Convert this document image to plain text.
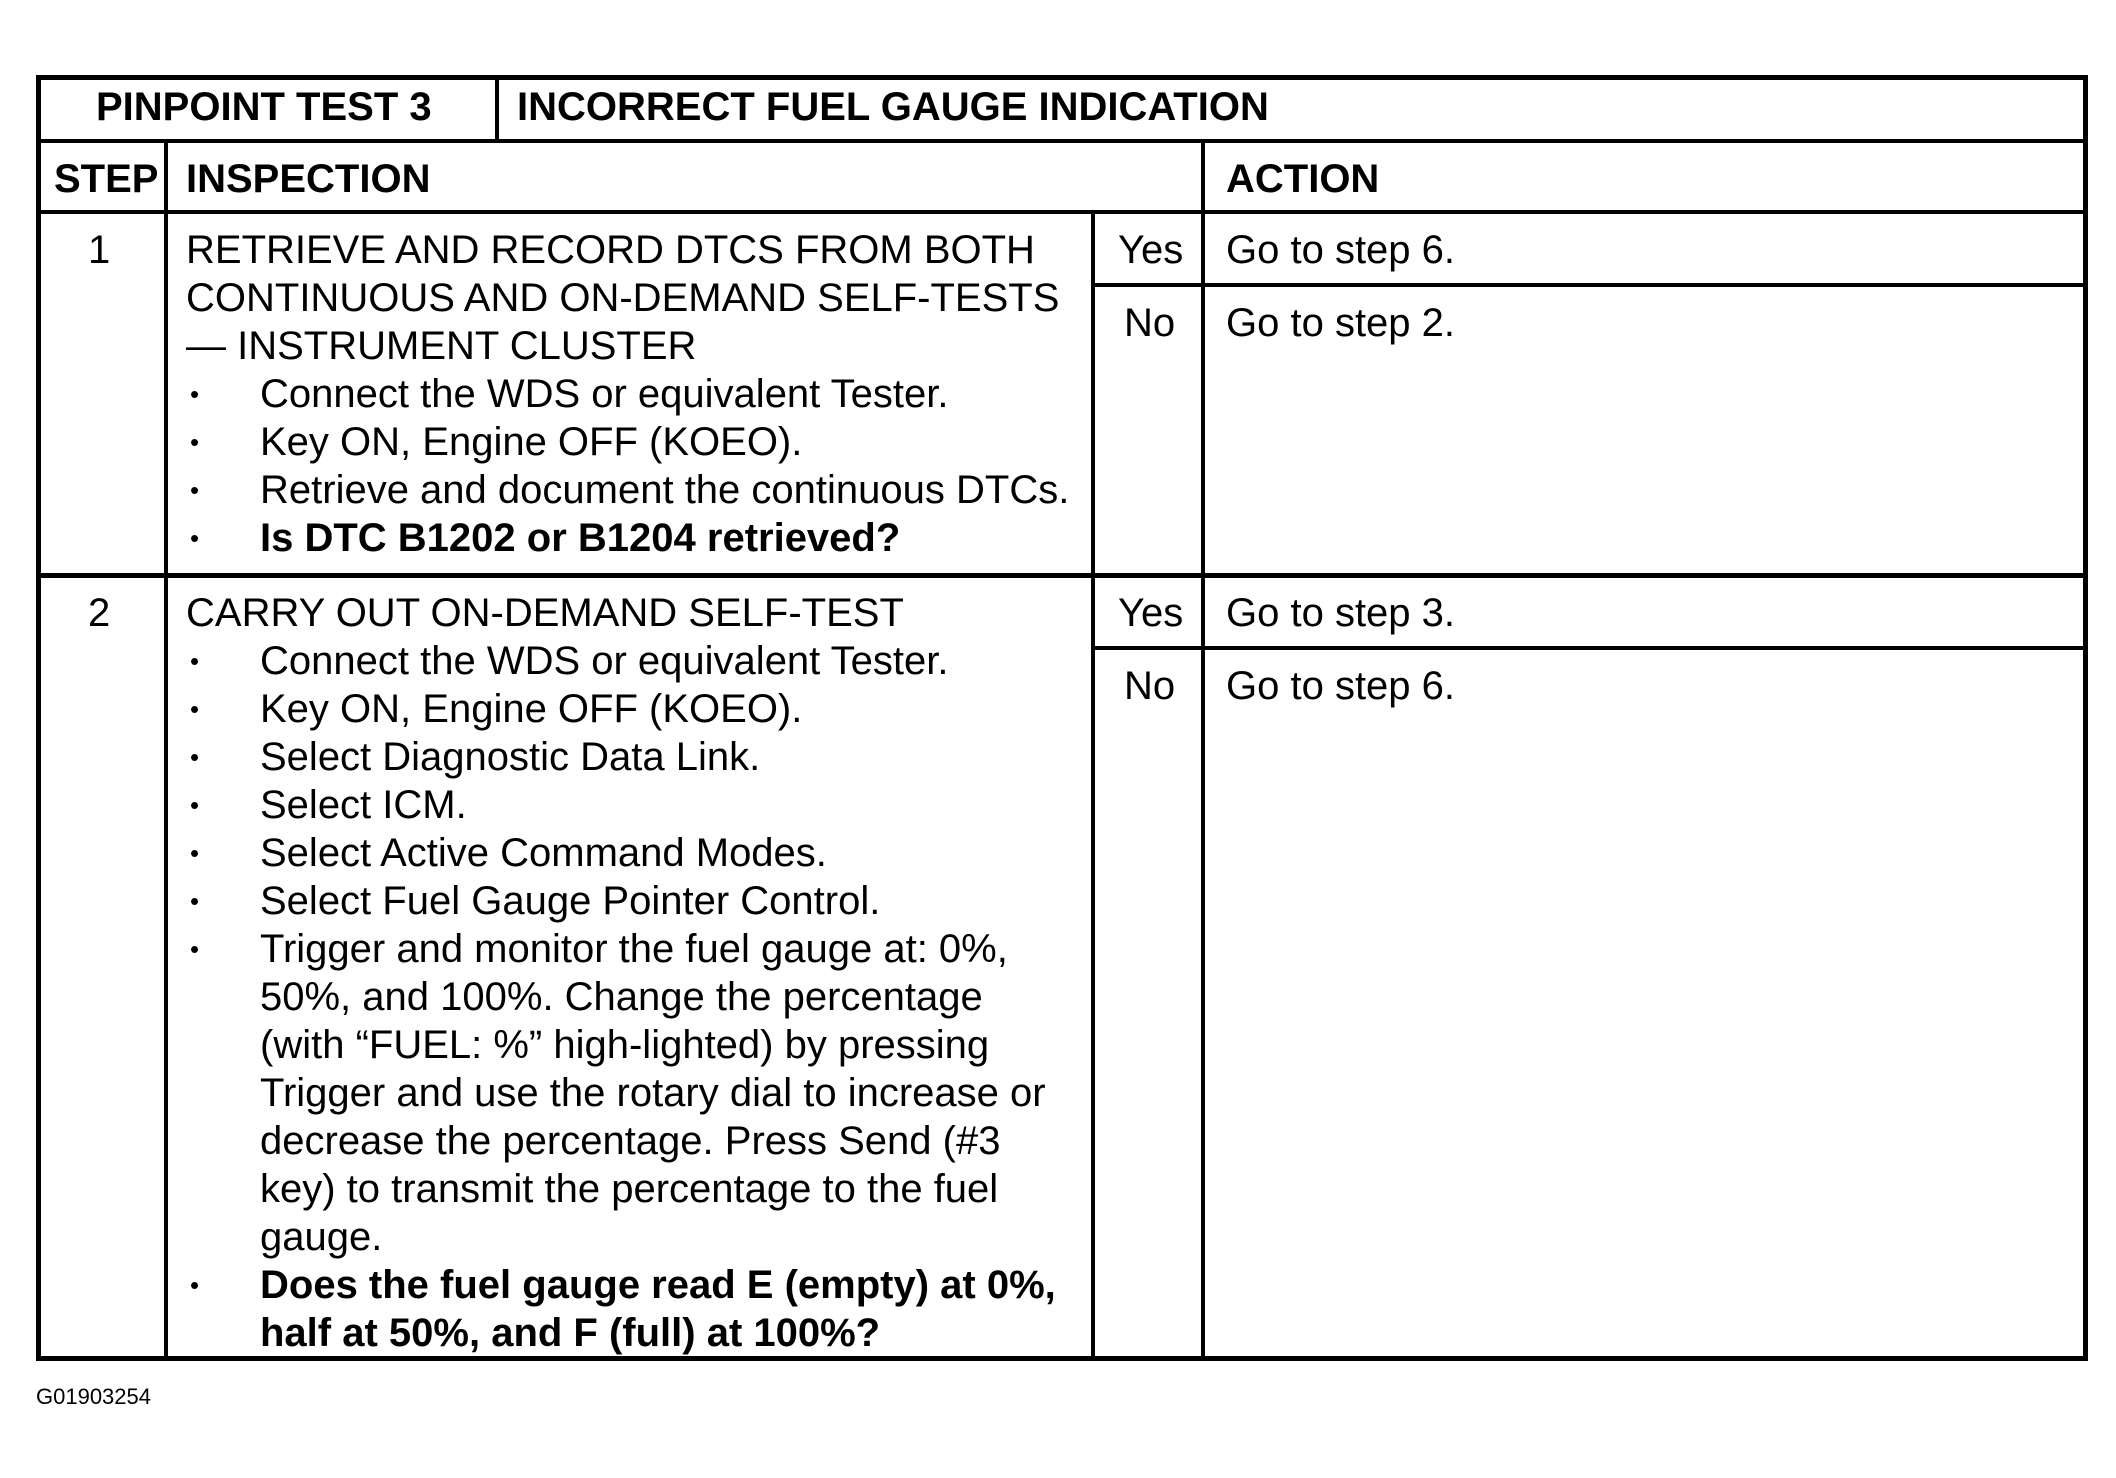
PINPOINT TEST 3 INCORRECT FUEL GAUGE INDICATION
STEP INSPECTION	ACTION
1 RETRIEVE AND RECORD DTCS FROM BOTH
CONTINUOUS AND ON-DEMAND SELF-TESTS
— INSTRUMENT CLUSTER
• Connect the WDS or equivalent Tester.
• Key ON, Engine OFF (KOEO).
• Retrieve and document the continuous DTCs.
• Is DTC B1202 or B1204 retrieved?
Yes Go to step 6.
No Go to step 2.
2 CARRY OUT ON-DEMAND SELF-TEST
• Connect the WDS or equivalent Tester.
• Key ON, Engine OFF (KOEO).
• Select Diagnostic Data Link.
• Select ICM.
• Select Active Command Modes.
• Select Fuel Gauge Pointer Control.
• Trigger and monitor the fuel gauge at: 0%,
50%, and 100%. Change the percentage
(with “FUEL: %” high-lighted) by pressing
Trigger and use the rotary dial to increase or
decrease the percentage. Press Send (#3
key) to transmit the percentage to the fuel
gauge.
• Does the fuel gauge read E (empty) at 0%,
half at 50%, and F (full) at 100%?
Yes Go to step 3.
No Go to step 6.
G01903254
